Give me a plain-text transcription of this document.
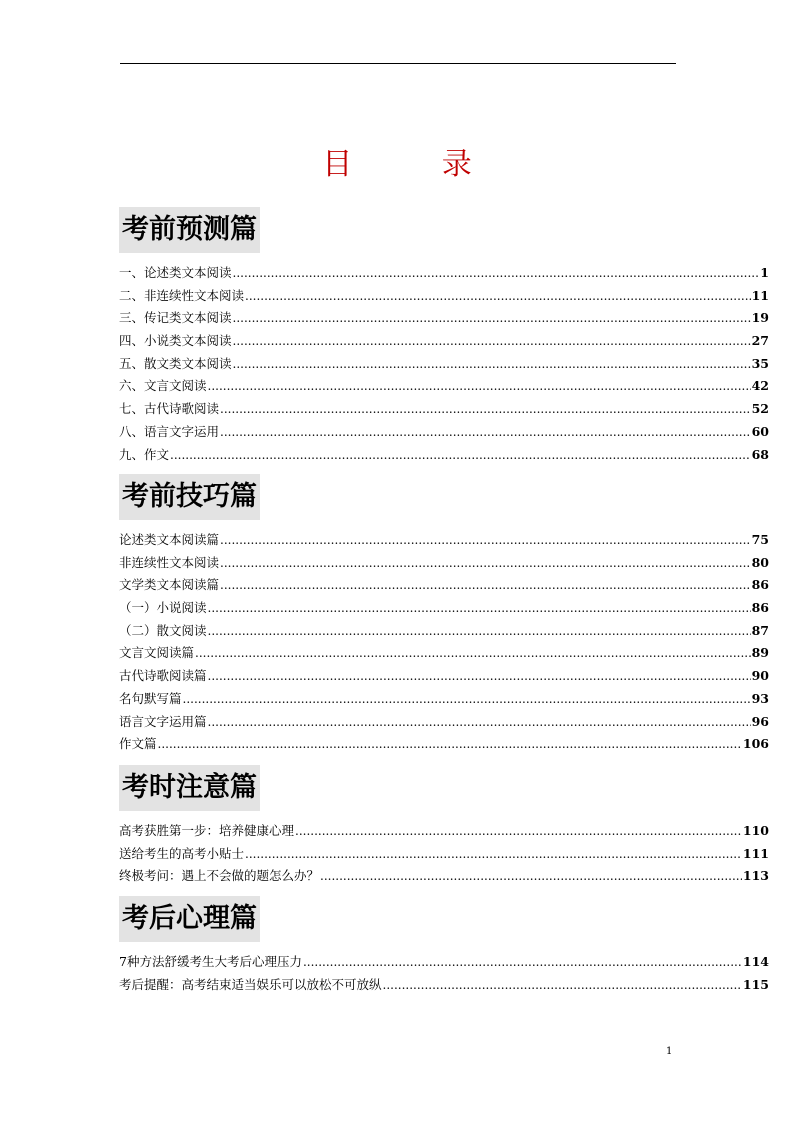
目 录
考前预测篇
一、论述类文本阅读 .....	1
二、非连续性文本阅读 .....	11
三、传记类文本阅读 .....	19
四、小说类文本阅读 .....	27
五、散文类文本阅读 .....	35
六、文言文阅读 .....	42
七、古代诗歌阅读 .....	52
八、语言文字运用 .....	60
九、作文 .....	68
考前技巧篇
论述类文本阅读篇 .....	75
非连续性文本阅读 .....	80
文学类文本阅读篇 .....	86
（一）小说阅读 .....	86
（二）散文阅读 .....	87
文言文阅读篇 .....	89
古代诗歌阅读篇 .....	90
名句默写篇 .....	93
语言文字运用篇 .....	96
作文篇 .....	106
考时注意篇
高考获胜第一步：培养健康心理 .....	110
送给考生的高考小贴士 .....	111
终极考问：遇上不会做的题怎么办？ .....	113
考后心理篇
7种方法舒缓考生大考后心理压力 .....	114
考后提醒：高考结束适当娱乐可以放松不可放纵 .....	115
1
